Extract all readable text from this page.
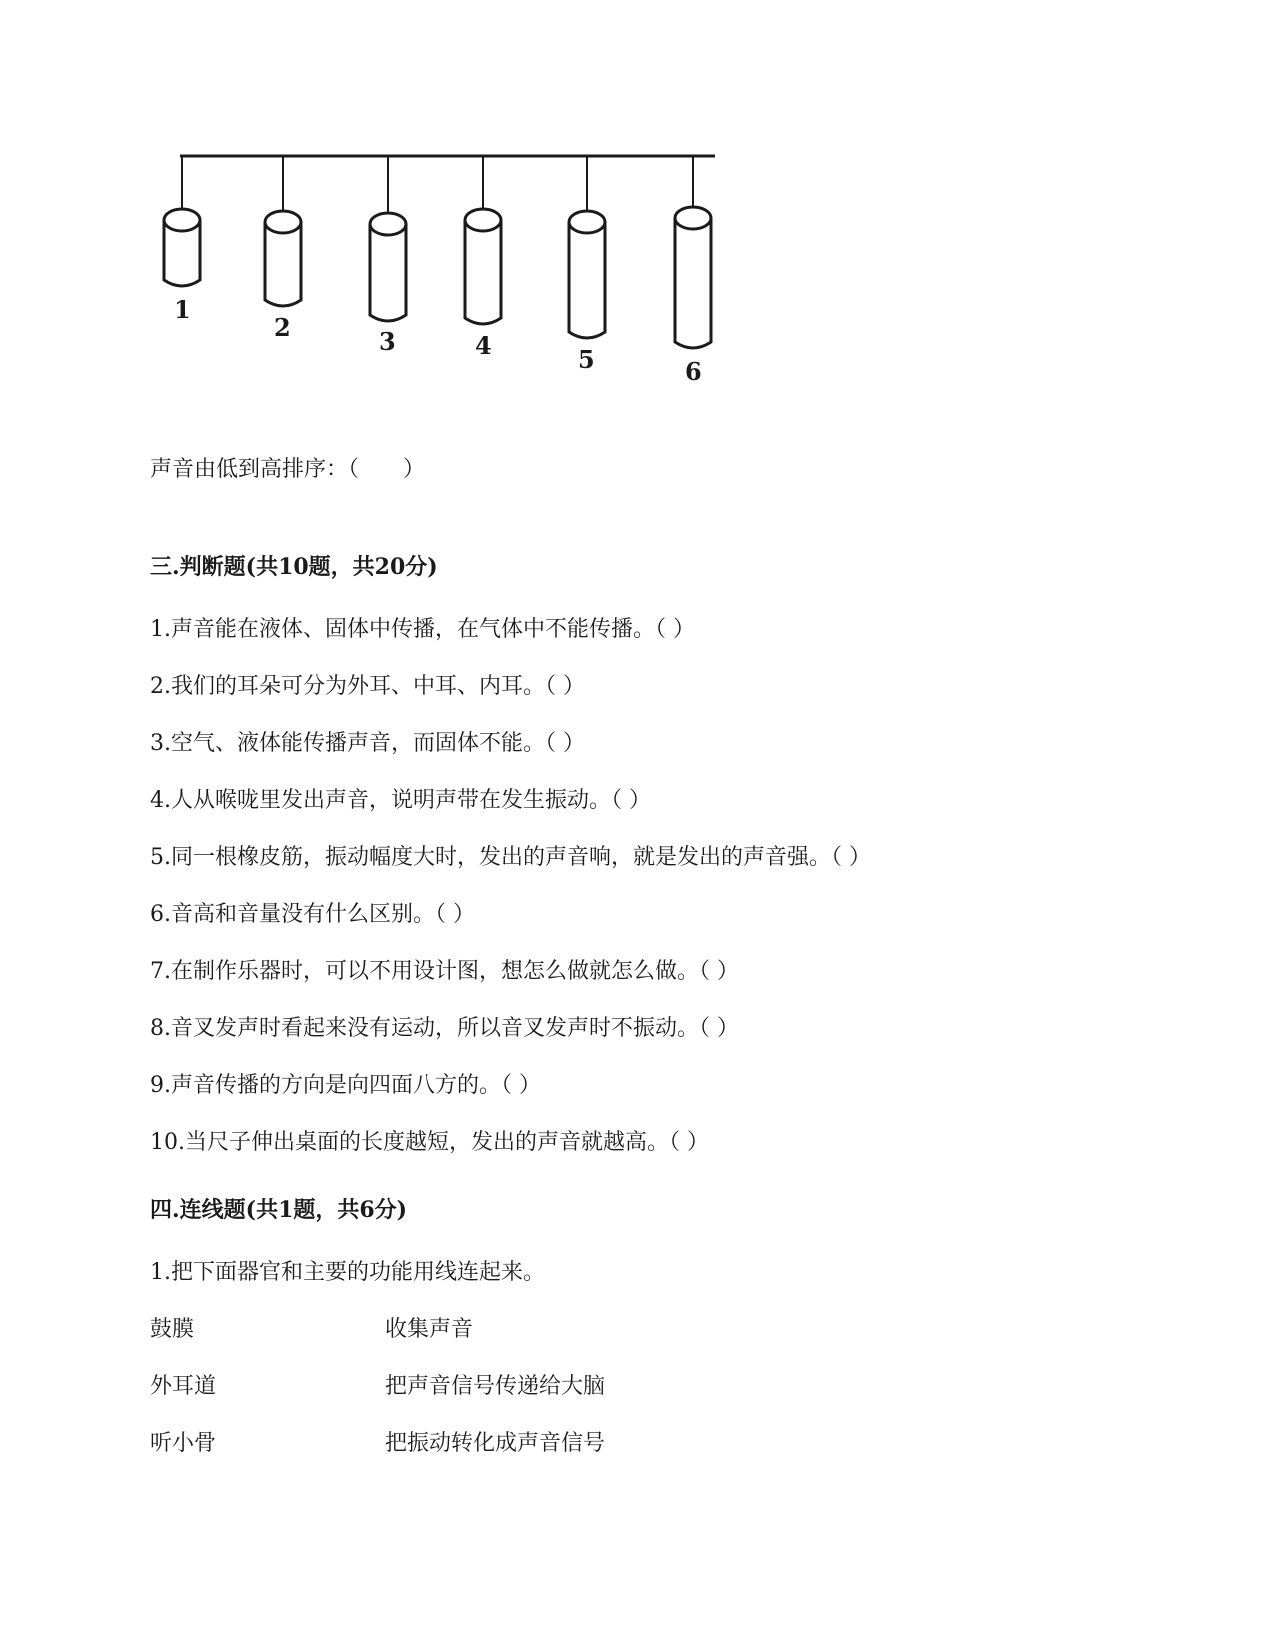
1
2	3	4	5	6
声音由低到高排序：（　　）
三.判断题(共10题，共20分)
1.声音能在液体、固体中传播，在气体中不能传播。（ ）
2.我们的耳朵可分为外耳、中耳、内耳。（ ）
3.空气、液体能传播声音，而固体不能。（ ）
4.人从喉咙里发出声音，说明声带在发生振动。（ ）
5.同一根橡皮筋，振动幅度大时，发出的声音响，就是发出的声音强。（ ）
6.音高和音量没有什么区别。（ ）
7.在制作乐器时，可以不用设计图，想怎么做就怎么做。（ ）
8.音叉发声时看起来没有运动，所以音叉发声时不振动。（ ）
9.声音传播的方向是向四面八方的。（ ）
10.当尺子伸出桌面的长度越短，发出的声音就越高。（ ）
四.连线题(共1题，共6分)
1.把下面器官和主要的功能用线连起来。
鼓膜	收集声音
外耳道	把声音信号传递给大脑
听小骨	把振动转化成声音信号
